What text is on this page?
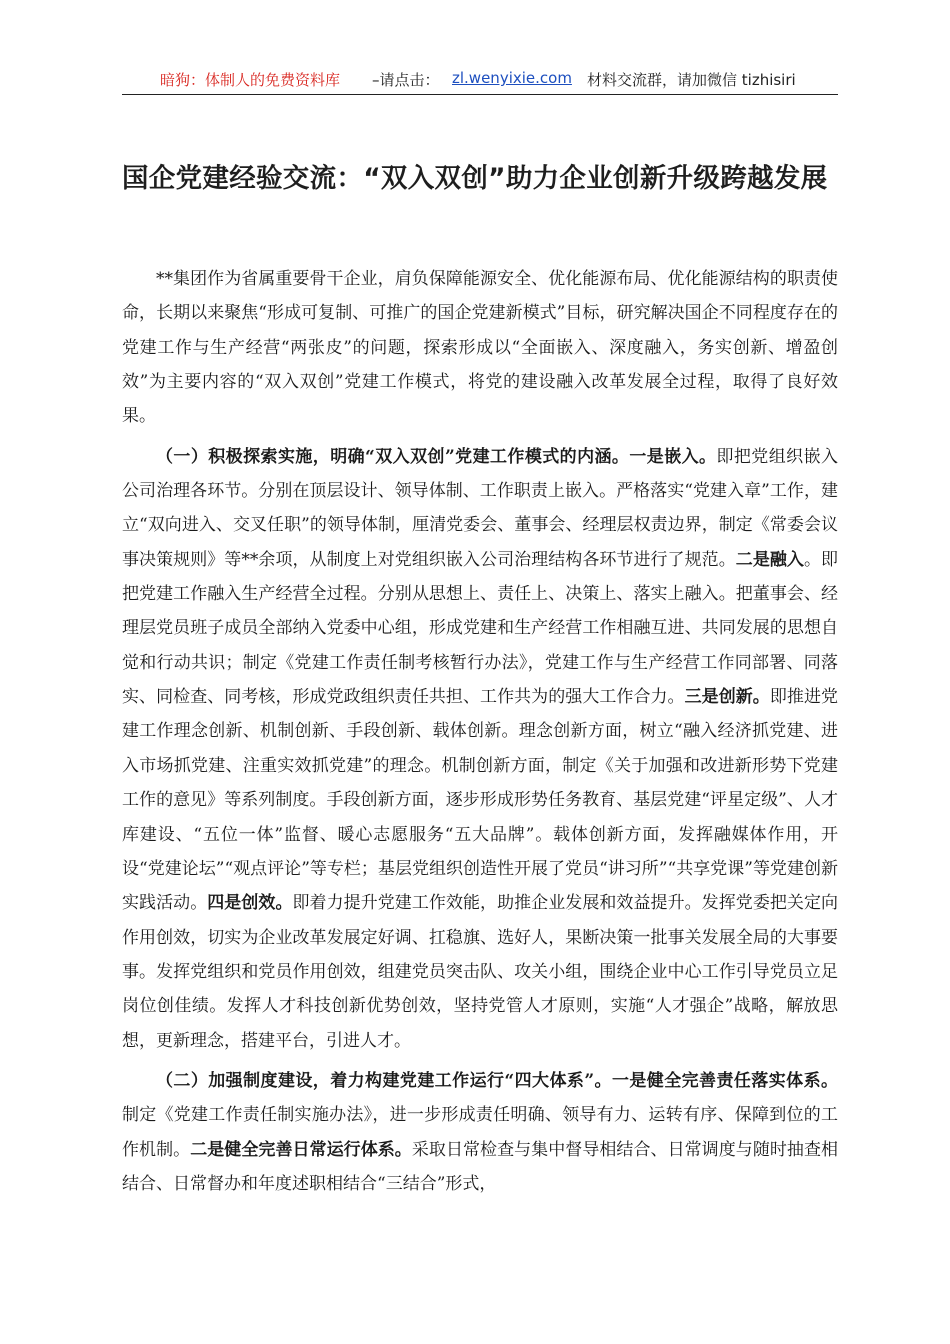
暗狗：体制人的免费资料库 –请点击： zl.wenyixie.com 材料交流群，请加微信 tizhisiri
国企党建经验交流：“双入双创”助力企业创新升级跨越发展

**集团作为省属重要骨干企业，肩负保障能源安全、优化能源布局、优化能源结构的职责使命，长期以来聚焦“形成可复制、可推广的国企党建新模式”目标，研究解决国企不同程度存在的党建工作与生产经营“两张皮”的问题，探索形成以“全面嵌入、深度融入，务实创新、增盈创效”为主要内容的“双入双创”党建工作模式，将党的建设融入改革发展全过程，取得了良好效果。

（一）积极探索实施，明确“双入双创”党建工作模式的内涵。一是嵌入。即把党组织嵌入公司治理各环节。分别在顶层设计、领导体制、工作职责上嵌入。严格落实“党建入章”工作，建立“双向进入、交叉任职”的领导体制，厘清党委会、董事会、经理层权责边界，制定《常委会议事决策规则》等**余项，从制度上对党组织嵌入公司治理结构各环节进行了规范。二是融入。即把党建工作融入生产经营全过程。分别从思想上、责任上、决策上、落实上融入。把董事会、经理层党员班子成员全部纳入党委中心组，形成党建和生产经营工作相融互进、共同发展的思想自觉和行动共识；制定《党建工作责任制考核暂行办法》，党建工作与生产经营工作同部署、同落实、同检查、同考核，形成党政组织责任共担、工作共为的强大工作合力。三是创新。即推进党建工作理念创新、机制创新、手段创新、载体创新。理念创新方面，树立“融入经济抓党建、进入市场抓党建、注重实效抓党建”的理念。机制创新方面，制定《关于加强和改进新形势下党建工作的意见》等系列制度。手段创新方面，逐步形成形势任务教育、基层党建“评星定级”、人才库建设、“五位一体”监督、暖心志愿服务“五大品牌”。载体创新方面，发挥融媒体作用，开设“党建论坛”“观点评论”等专栏；基层党组织创造性开展了党员“讲习所”“共享党课”等党建创新实践活动。四是创效。即着力提升党建工作效能，助推企业发展和效益提升。发挥党委把关定向作用创效，切实为企业改革发展定好调、扛稳旗、选好人，果断决策一批事关发展全局的大事要事。发挥党组织和党员作用创效，组建党员突击队、攻关小组，围绕企业中心工作引导党员立足岗位创佳绩。发挥人才科技创新优势创效，坚持党管人才原则，实施“人才强企”战略，解放思想，更新理念，搭建平台，引进人才。

（二）加强制度建设，着力构建党建工作运行“四大体系”。一是健全完善责任落实体系。制定《党建工作责任制实施办法》，进一步形成责任明确、领导有力、运转有序、保障到位的工作机制。二是健全完善日常运行体系。采取日常检查与集中督导相结合、日常调度与随时抽查相结合、日常督办和年度述职相结合“三结合”形式，
